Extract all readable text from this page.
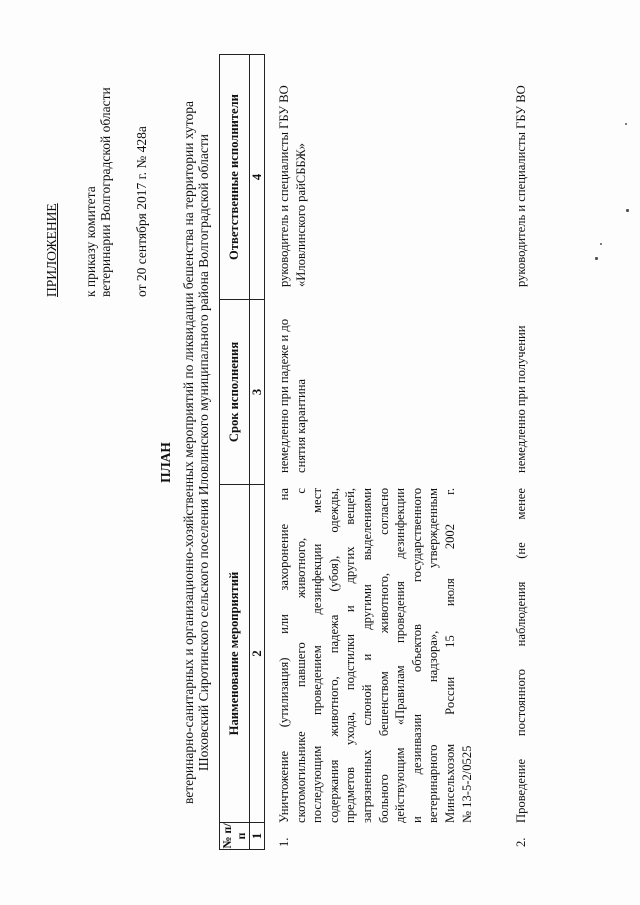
ПРИЛОЖЕНИЕ к приказу комитета ветеринарии Волгоградской области от 20 сентября 2017 г. № 428а
ПЛАН ветеринарно-санитарных и организационно-хозяйственных мероприятий по ликвидации бешенства на территории хутора Шоховский Сиротинского сельского поселения Иловлинского муниципального района Волгоградской области
№ п/п
Наименование мероприятий
Срок исполнения
Ответственные исполнители
1
2
3
4
1.
Уничтожение (утилизация) или захоронение на скотомогильнике павшего животного, с последующим проведением дезинфекции мест содержания животного, падежа (убоя), одежды, предметов ухода, подстилки и других вещей, загрязненных слюной и другими выделениями больного бешенством животного, согласно действующим «Правилам проведения дезинфекции и дезинвазии объектов государственного ветеринарного надзора», утвержденным Минсельхозом России 15 июля 2002 г. № 13-5-2/0525
немедленно при падеже и до снятия карантина
руководитель и специалисты ГБУ ВО «Иловлинского райСББЖ»
2.
Проведение постоянного наблюдения (не менее
немедленно при получении
руководитель и специалисты ГБУ ВО
